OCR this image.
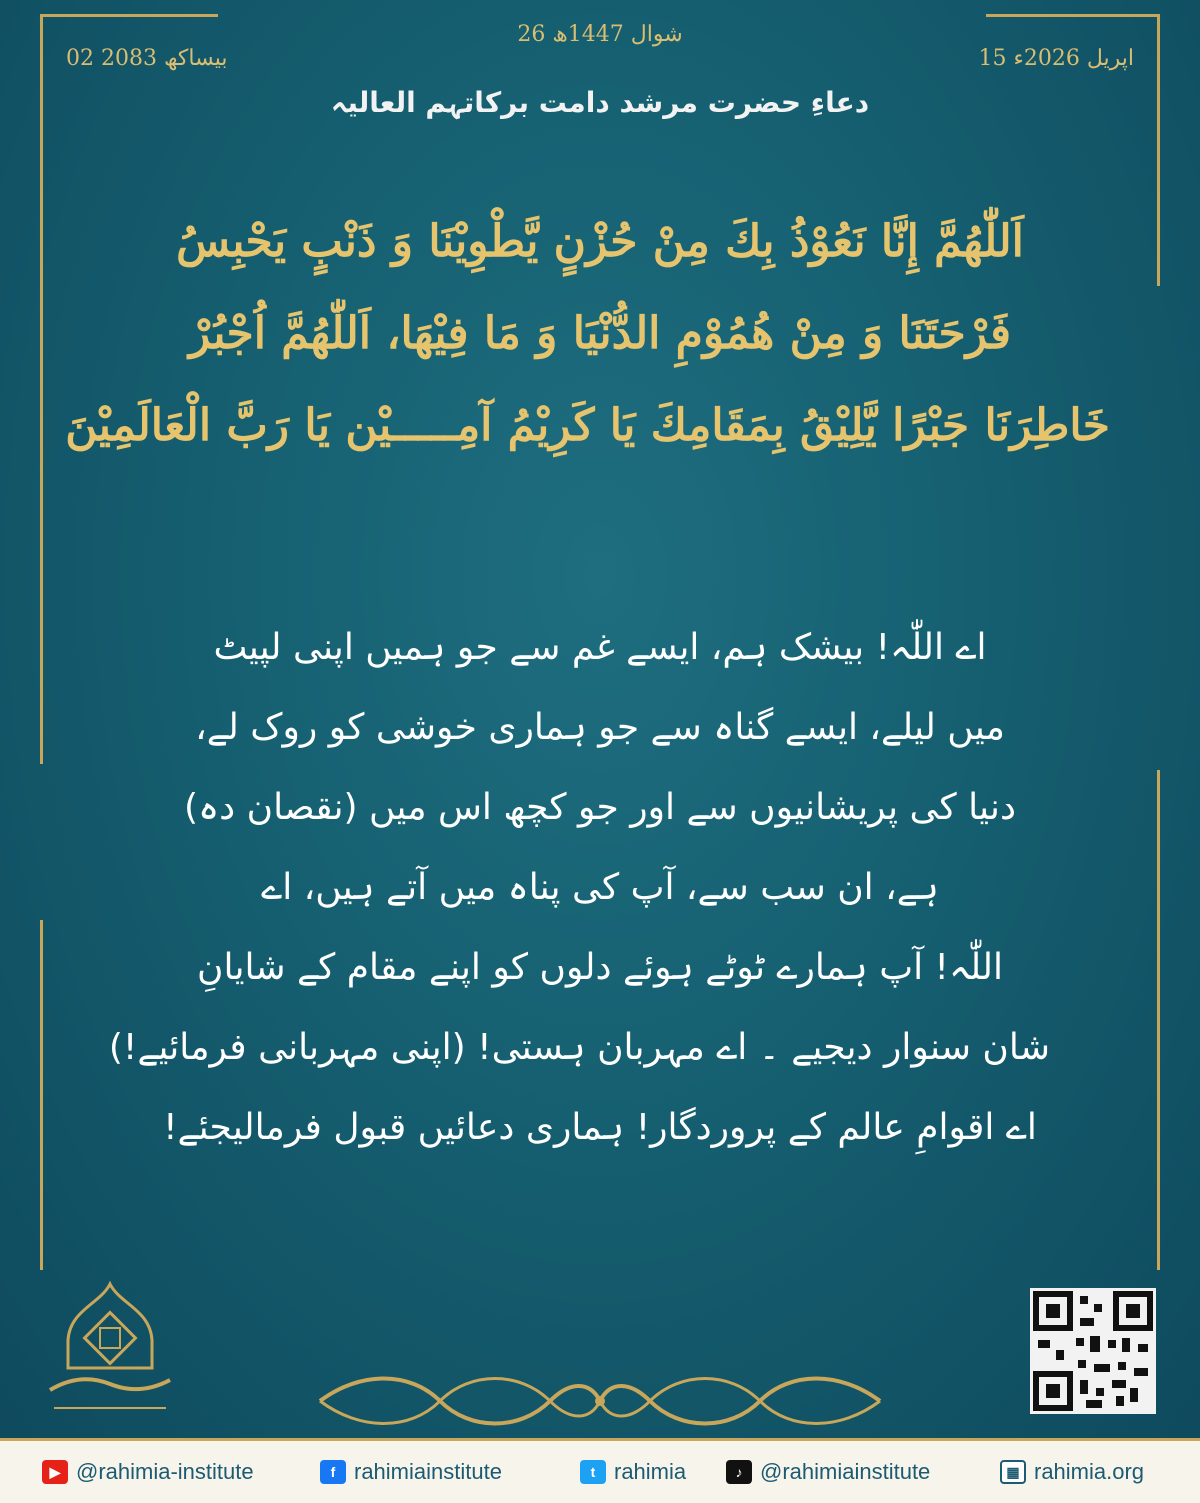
26 شوال 1447ھ
15 اپریل 2026ء
02 بیساکھ 2083
دعاءِ حضرت مرشد دامت برکاتہم العالیہ
اَللّٰهُمَّ إِنَّا نَعُوْذُ بِكَ مِنْ حُزْنٍ يَّطْوِيْنَا وَ ذَنْبٍ يَحْبِسُ
فَرْحَتَنَا وَ مِنْ هُمُوْمِ الدُّنْيَا وَ مَا فِيْهَا، اَللّٰهُمَّ اُجْبُرْ
خَاطِرَنَا جَبْرًا يَّلِيْقُ بِمَقَامِكَ يَا كَرِيْمُ آمِـــــيْن يَا رَبَّ الْعَالَمِيْنَ
اے اللّٰہ! بیشک ہم، ایسے غم سے جو ہمیں اپنی لپیٹ
میں لیلے، ایسے گناہ سے جو ہماری خوشی کو روک لے،
دنیا کی پریشانیوں سے اور جو کچھ اس میں (نقصان دہ)
ہے، ان سب سے، آپ کی پناہ میں آتے ہیں، اے
اللّٰہ! آپ ہمارے ٹوٹے ہوئے دلوں کو اپنے مقام کے شایانِ
شان سنوار دیجیے ۔ اے مہربان ہستی! (اپنی مہربانی فرمائیے!)
اے اقوامِ عالم کے پروردگار! ہماری دعائیں قبول فرمالیجئے!
▶ @rahimia-institute	f rahimiainstitute	t rahimia	♪ @rahimiainstitute	▦ rahimia.org
